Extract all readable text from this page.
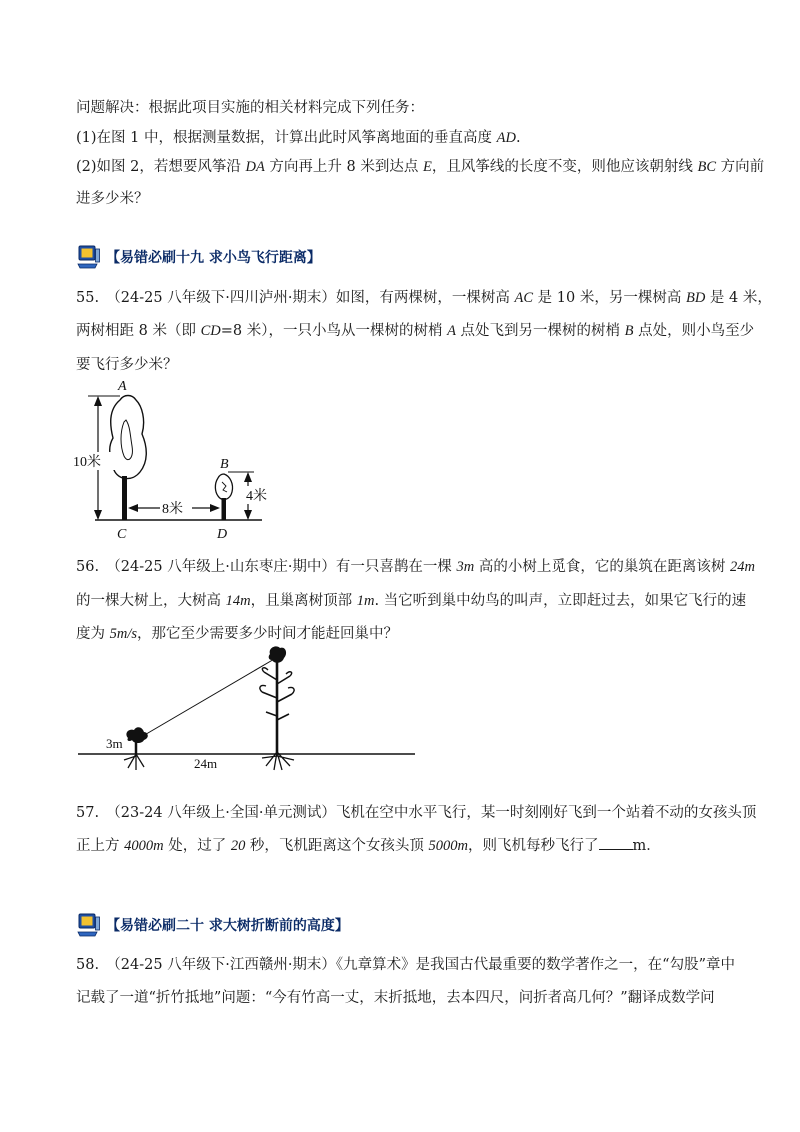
问题解决：根据此项目实施的相关材料完成下列任务：
(1)在图 1 中，根据测量数据，计算出此时风筝离地面的垂直高度 AD.
(2)如图 2，若想要风筝沿 DA 方向再上升 8 米到达点 E，且风筝线的长度不变，则他应该朝射线 BC 方向前
进多少米？
【易错必刷十九 求小鸟飞行距离】
55.　（24-25 八年级下·四川泸州·期末）如图，有两棵树，一棵树高 AC 是 10 米，另一棵树高 BD 是 4 米，
两树相距 8 米（即 CD=8 米），一只小鸟从一棵树的树梢 A 点处飞到另一棵树的树梢 B 点处，则小鸟至少
要飞行多少米？
10米
8米
4米
A
B
C	D
56.　（24-25 八年级上·山东枣庄·期中）有一只喜鹊在一棵 3m 高的小树上觅食，它的巢筑在距离该树 24m
的一棵大树上，大树高 14m，且巢离树顶部 1m. 当它听到巢中幼鸟的叫声，立即赶过去，如果它飞行的速
度为 5m/s，那它至少需要多少时间才能赶回巢中？
3m
24m
57.　（23-24 八年级上·全国·单元测试）飞机在空中水平飞行，某一时刻刚好飞到一个站着不动的女孩头顶
正上方 4000m 处，过了 20 秒，飞机距离这个女孩头顶 5000m，则飞机每秒飞行了 m．
【易错必刷二十 求大树折断前的高度】
58.　（24-25 八年级下·江西赣州·期末）《九章算术》是我国古代最重要的数学著作之一，在“勾股”章中
记载了一道“折竹抵地”问题：“今有竹高一丈，末折抵地，去本四尺，问折者高几何？”翻译成数学问
